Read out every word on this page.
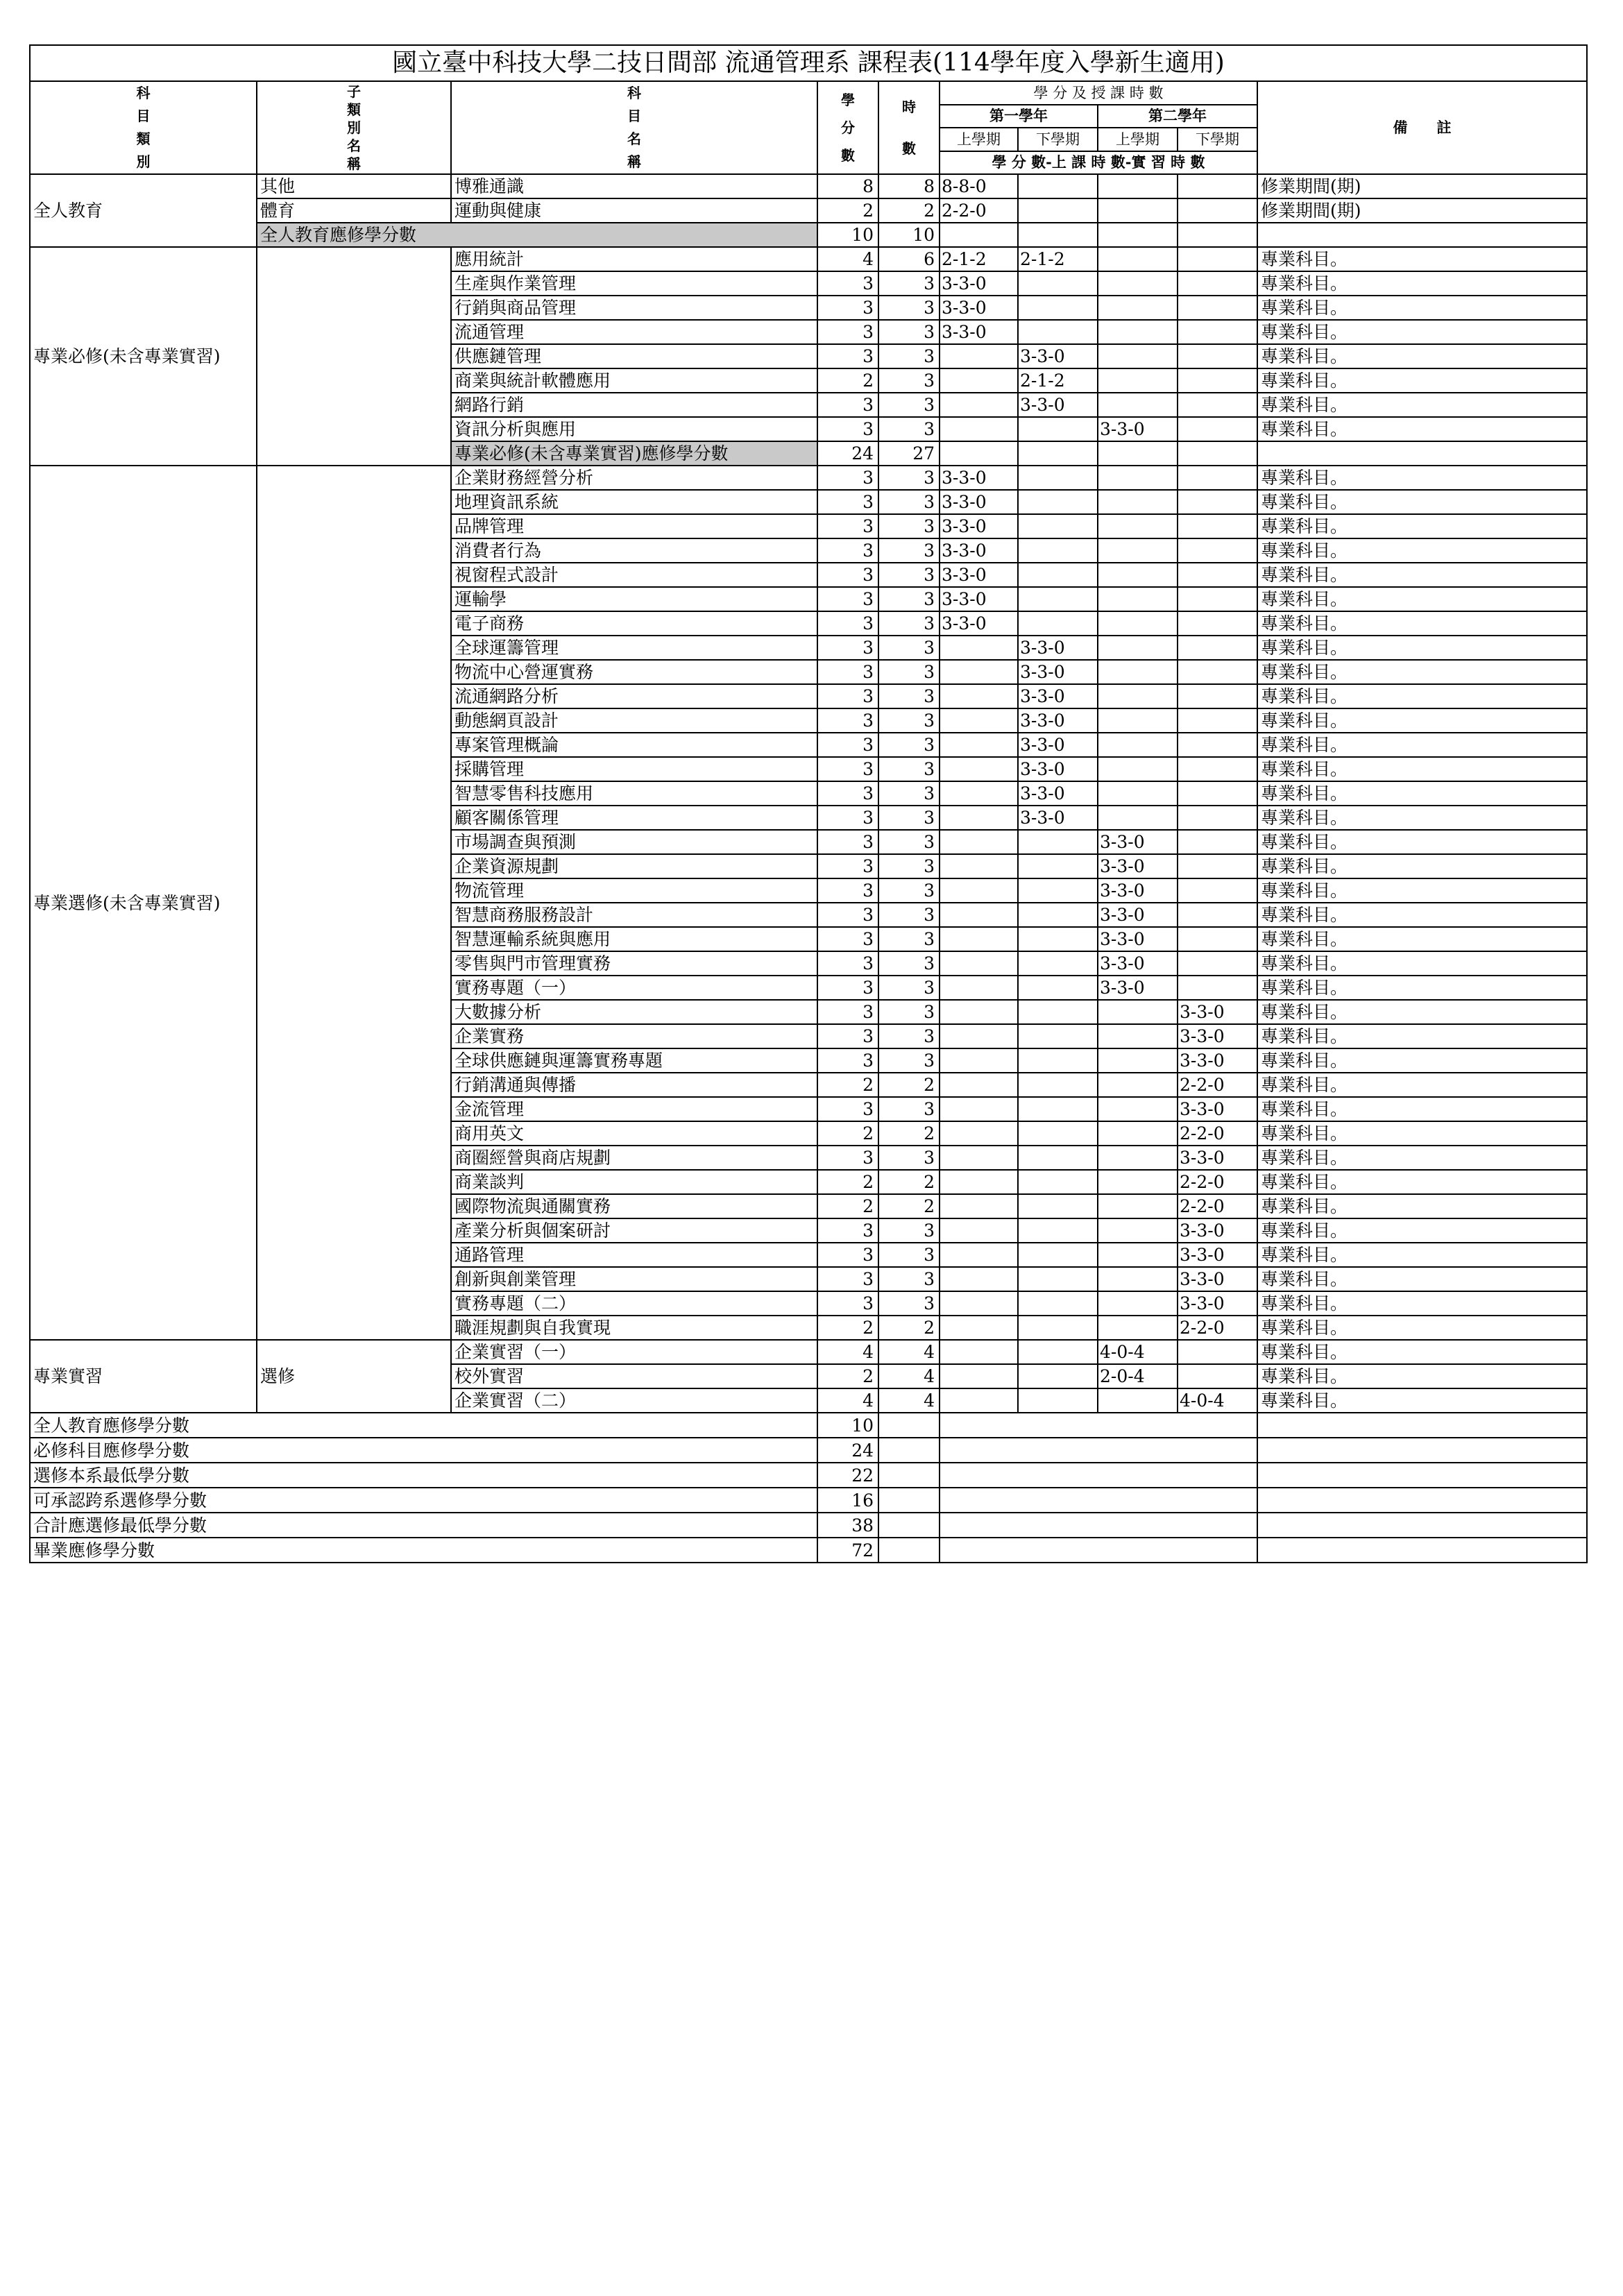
國立臺中科技大學二技日間部 流通管理系 課程表(114學年度入學新生適用)									

科
目
類
別	子
類
別
名
稱	科
目
名
稱	學
分
數	時
數	學 分 及 授 課 時 數				備　　註
					第一學年		第二學年		
					上學期	下學期	上學期	下學期	
					學 分 數-上 課 時 數-實 習 時 數				
全人教育	其他	博雅通識	8	8	8-8-0				修業期間(期)
	體育	運動與健康	2	2	2-2-0				修業期間(期)
	全人教育應修學分數		10	10					
專業必修(未含專業實習)		應用統計	4	6	2-1-2	2-1-2			專業科目。
		生產與作業管理	3	3	3-3-0				專業科目。
		行銷與商品管理	3	3	3-3-0				專業科目。
		流通管理	3	3	3-3-0				專業科目。
		供應鏈管理	3	3		3-3-0			專業科目。
		商業與統計軟體應用	2	3		2-1-2			專業科目。
		網路行銷	3	3		3-3-0			專業科目。
		資訊分析與應用	3	3			3-3-0		專業科目。
		專業必修(未含專業實習)應修學分數	24	27					
專業選修(未含專業實習)		企業財務經營分析	3	3	3-3-0				專業科目。
		地理資訊系統	3	3	3-3-0				專業科目。
		品牌管理	3	3	3-3-0				專業科目。
		消費者行為	3	3	3-3-0				專業科目。
		視窗程式設計	3	3	3-3-0				專業科目。
		運輸學	3	3	3-3-0				專業科目。
		電子商務	3	3	3-3-0				專業科目。
		全球運籌管理	3	3		3-3-0			專業科目。
		物流中心營運實務	3	3		3-3-0			專業科目。
		流通網路分析	3	3		3-3-0			專業科目。
		動態網頁設計	3	3		3-3-0			專業科目。
		專案管理概論	3	3		3-3-0			專業科目。
		採購管理	3	3		3-3-0			專業科目。
		智慧零售科技應用	3	3		3-3-0			專業科目。
		顧客關係管理	3	3		3-3-0			專業科目。
		市場調查與預測	3	3			3-3-0		專業科目。
		企業資源規劃	3	3			3-3-0		專業科目。
		物流管理	3	3			3-3-0		專業科目。
		智慧商務服務設計	3	3			3-3-0		專業科目。
		智慧運輸系統與應用	3	3			3-3-0		專業科目。
		零售與門市管理實務	3	3			3-3-0		專業科目。
		實務專題（一）	3	3			3-3-0		專業科目。
		大數據分析	3	3				3-3-0	專業科目。
		企業實務	3	3				3-3-0	專業科目。
		全球供應鏈與運籌實務專題	3	3				3-3-0	專業科目。
		行銷溝通與傳播	2	2				2-2-0	專業科目。
		金流管理	3	3				3-3-0	專業科目。
		商用英文	2	2				2-2-0	專業科目。
		商圈經營與商店規劃	3	3				3-3-0	專業科目。
		商業談判	2	2				2-2-0	專業科目。
		國際物流與通關實務	2	2				2-2-0	專業科目。
		產業分析與個案研討	3	3				3-3-0	專業科目。
		通路管理	3	3				3-3-0	專業科目。
		創新與創業管理	3	3				3-3-0	專業科目。
		實務專題（二）	3	3				3-3-0	專業科目。
		職涯規劃與自我實現	2	2				2-2-0	專業科目。
專業實習	選修	企業實習（一）	4	4			4-0-4		專業科目。
		校外實習	2	4			2-0-4		專業科目。
		企業實習（二）	4	4				4-0-4	專業科目。
全人教育應修學分數			10						
必修科目應修學分數			24						
選修本系最低學分數			22						
可承認跨系選修學分數			16						
合計應選修最低學分數			38						
畢業應修學分數			72						
